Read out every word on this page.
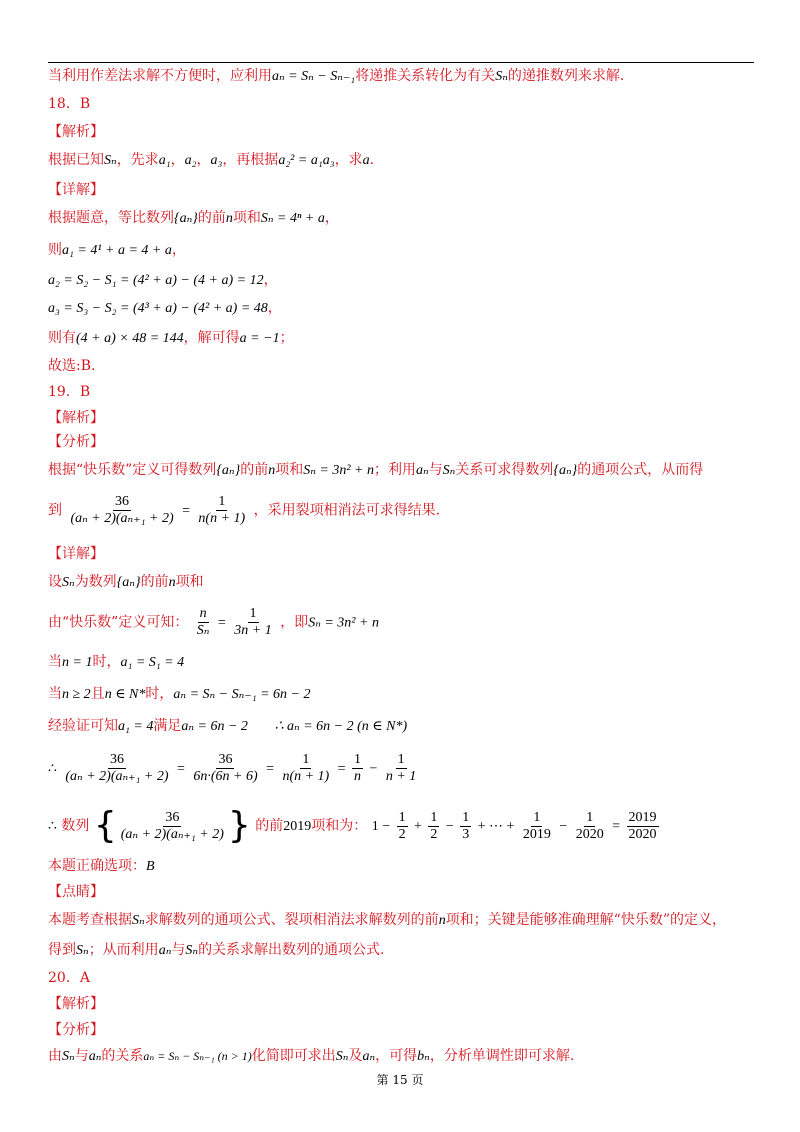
当利用作差法求解不方便时，应利用aₙ = Sₙ − Sₙ₋₁将递推关系转化为有关Sₙ的递推数列来求解.
18．B
【解析】
根据已知Sₙ，先求a₁，a₂，a₃，再根据a₂² = a₁a₃，求a.
【详解】
根据题意，等比数列{aₙ}的前n项和Sₙ = 4ⁿ + a，
则a₁ = 4¹ + a = 4 + a，
a₂ = S₂ − S₁ = (4² + a) − (4 + a) = 12，
a₃ = S₃ − S₂ = (4³ + a) − (4² + a) = 48，
则有(4 + a) × 48 = 144，解可得a = −1；
故选:B.
19．B
【解析】
【分析】
根据“快乐数”定义可得数列{aₙ}的前n项和Sₙ = 3n² + n；利用aₙ与Sₙ关系可求得数列{aₙ}的通项公式，从而得
到 $\frac{36}{\text{(aₙ + 2)(aₙ₊₁ + 2)}} = \frac{1}{n(n + 1)}$ ，采用裂项相消法可求得结果.
【详解】
设Sₙ为数列{aₙ}的前n项和
由“快乐数”定义可知： $\frac{n}{\text{Sₙ}} = \frac{1}{3n + 1}$ ，即Sₙ = 3n² + n
当n = 1时，a₁ = S₁ = 4
当n ≥ 2且n ∈ N*时，aₙ = Sₙ − Sₙ₋₁ = 6n − 2
经验证可知a₁ = 4满足aₙ = 6n − 2 ∴ aₙ = 6n − 2 (n ∈ N*)
∴ $\frac{36}{\text{(aₙ + 2)(aₙ₊₁ + 2)}} = \frac{36}{6n\cdot(6n + 6)} = \frac{1}{n(n + 1)} = \frac{1}{n} - \frac{1}{n + 1}$
∴ 数列 { $\frac{36}{\text{(aₙ + 2)(aₙ₊₁ + 2)}}$ } 的前2019项和为： $1 - \frac{1}{2} + \frac{1}{2} - \frac{1}{3}$ + ⋯ + $\frac{1}{2019} - \frac{1}{2020} = \frac{2019}{2020}$
本题正确选项：B
【点睛】
本题考查根据Sₙ求解数列的通项公式、裂项相消法求解数列的前n项和；关键是能够准确理解“快乐数”的定义，
得到Sₙ；从而利用aₙ与Sₙ的关系求解出数列的通项公式.
20．A
【解析】
【分析】
由Sₙ与aₙ的关系aₙ = Sₙ − Sₙ₋₁ (n > 1)化简即可求出Sₙ及aₙ，可得bₙ，分析单调性即可求解.
第 15 页
